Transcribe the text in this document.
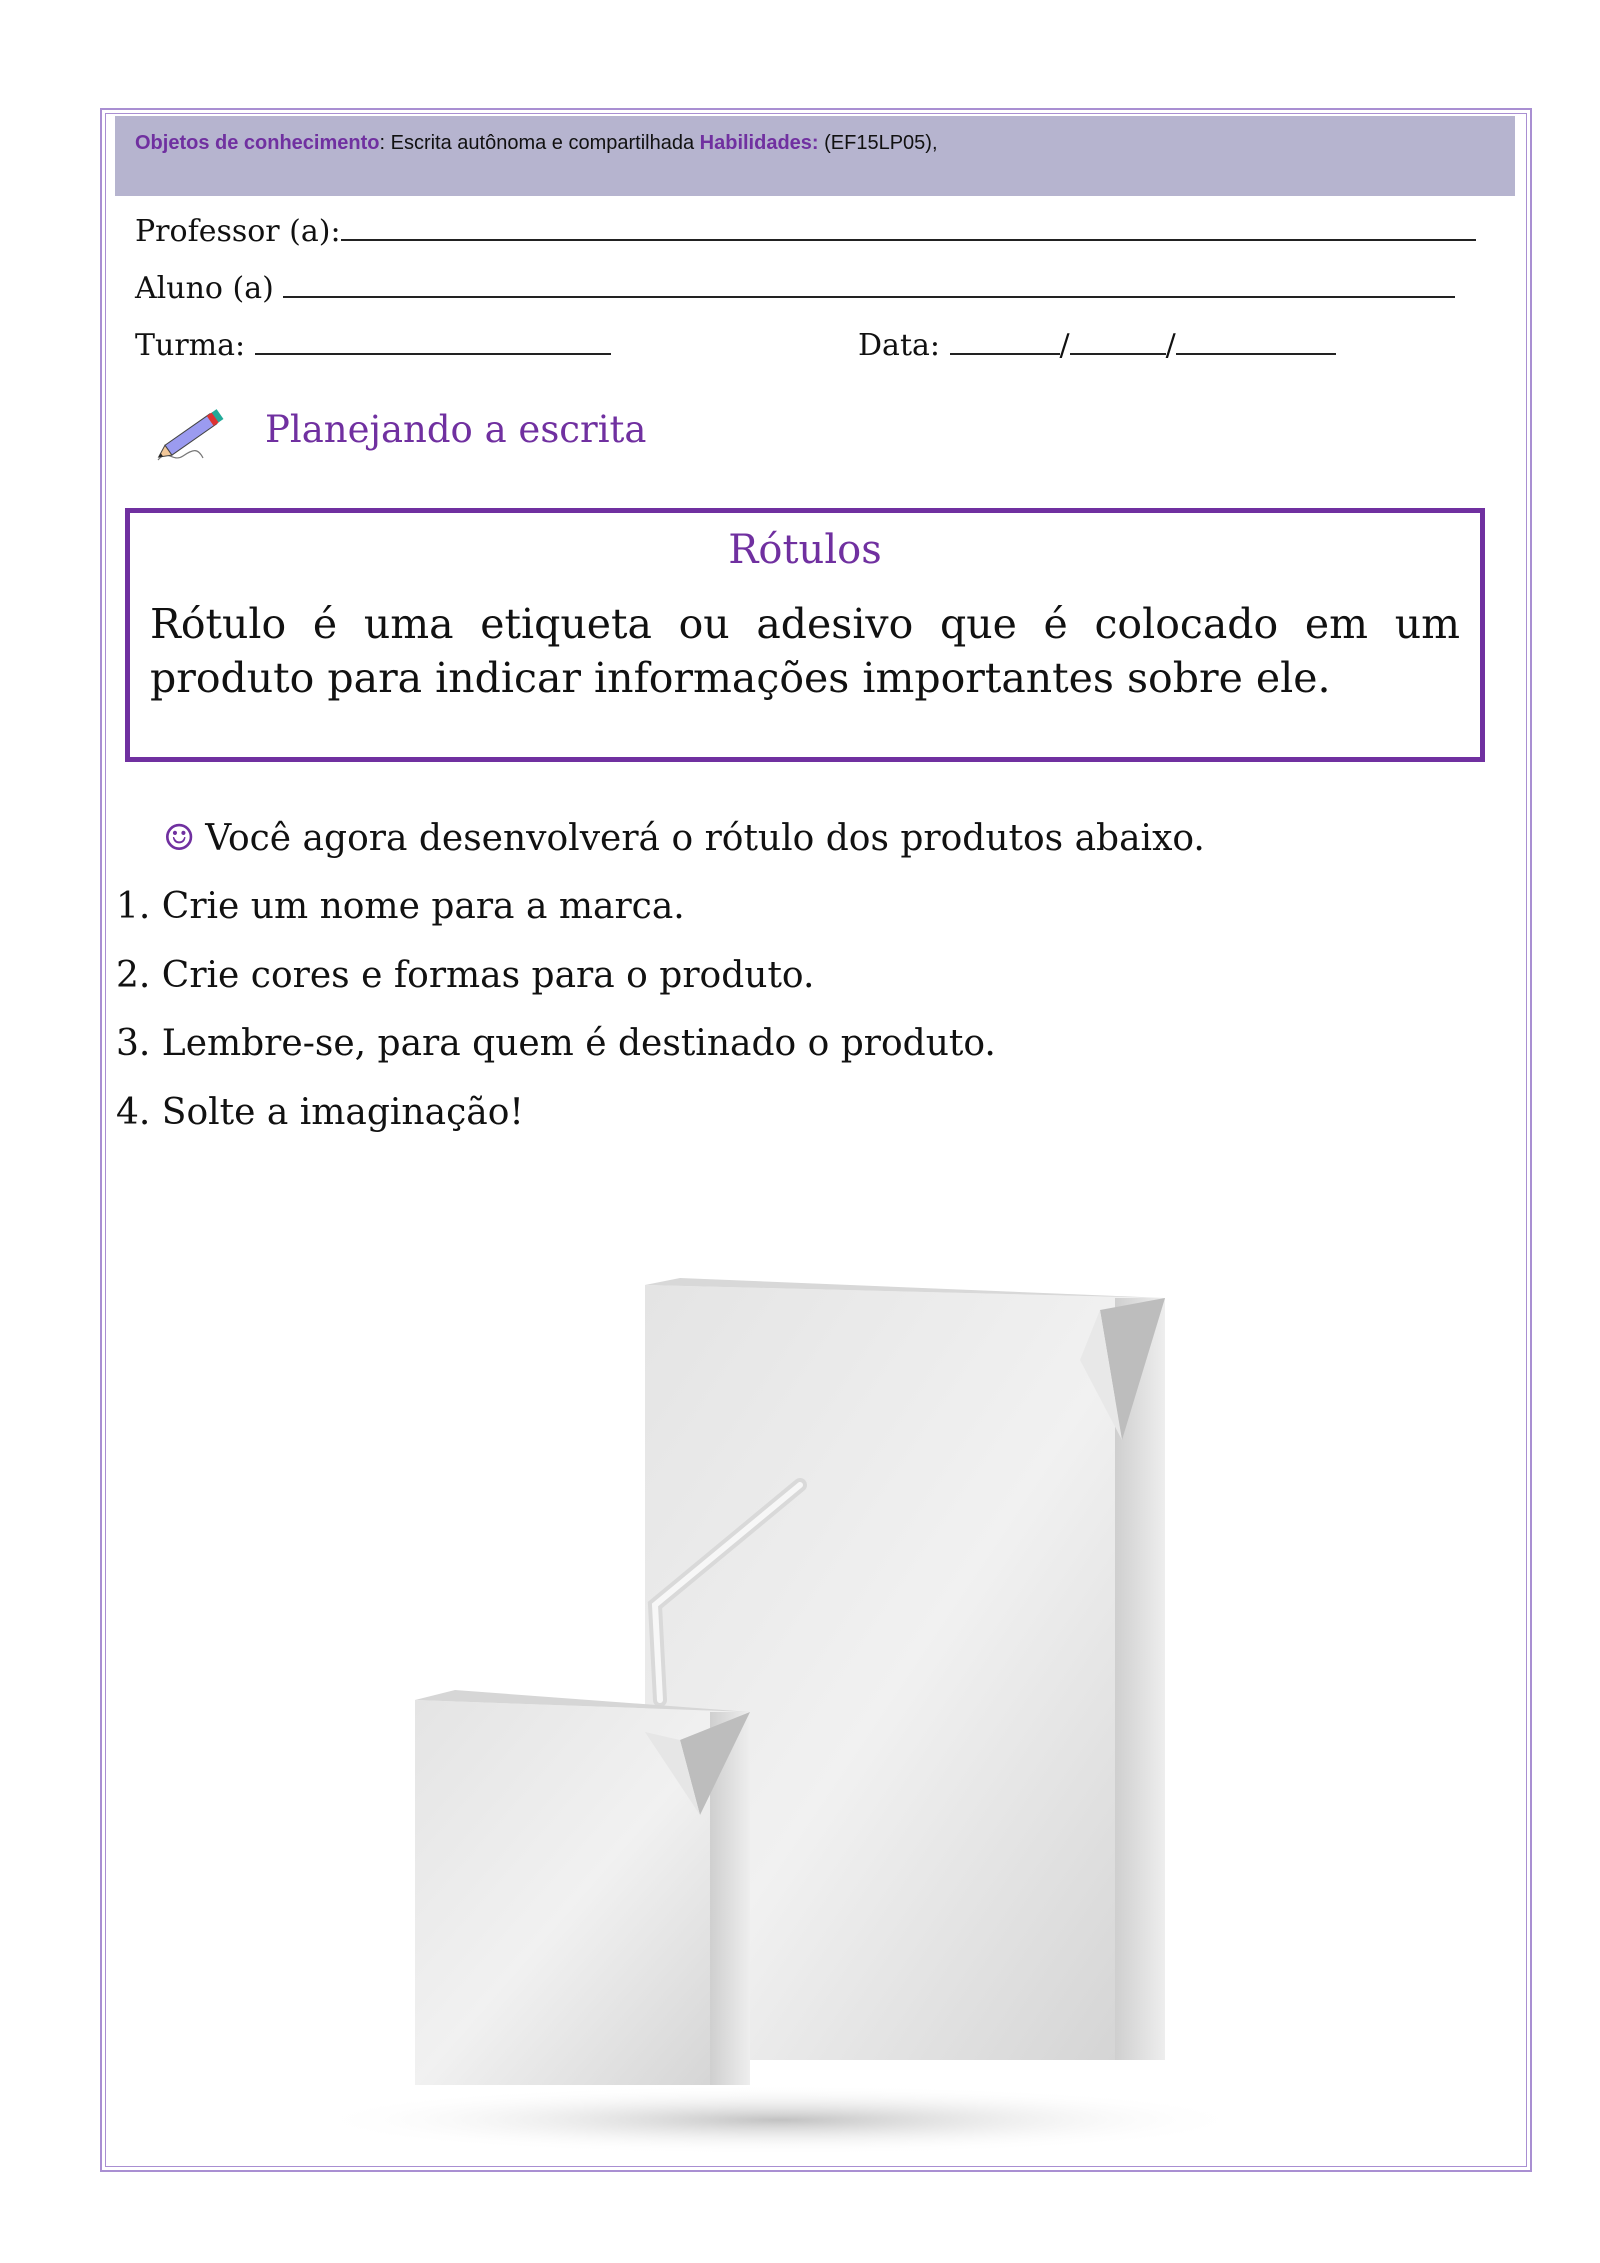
Objetos de conhecimento: Escrita autônoma e compartilhada Habilidades: (EF15LP05),
Professor (a):
Aluno (a)
Turma:	Data:	/	/
Planejando a escrita
Rótulos

Rótulo é uma etiqueta ou adesivo que é colocado em um produto para indicar informações importantes sobre ele.

☺ Você agora desenvolverá o rótulo dos produtos abaixo.
1. Crie um nome para a marca.
2. Crie cores e formas para o produto.
3. Lembre-se, para quem é destinado o produto.
4. Solte a imaginação!
